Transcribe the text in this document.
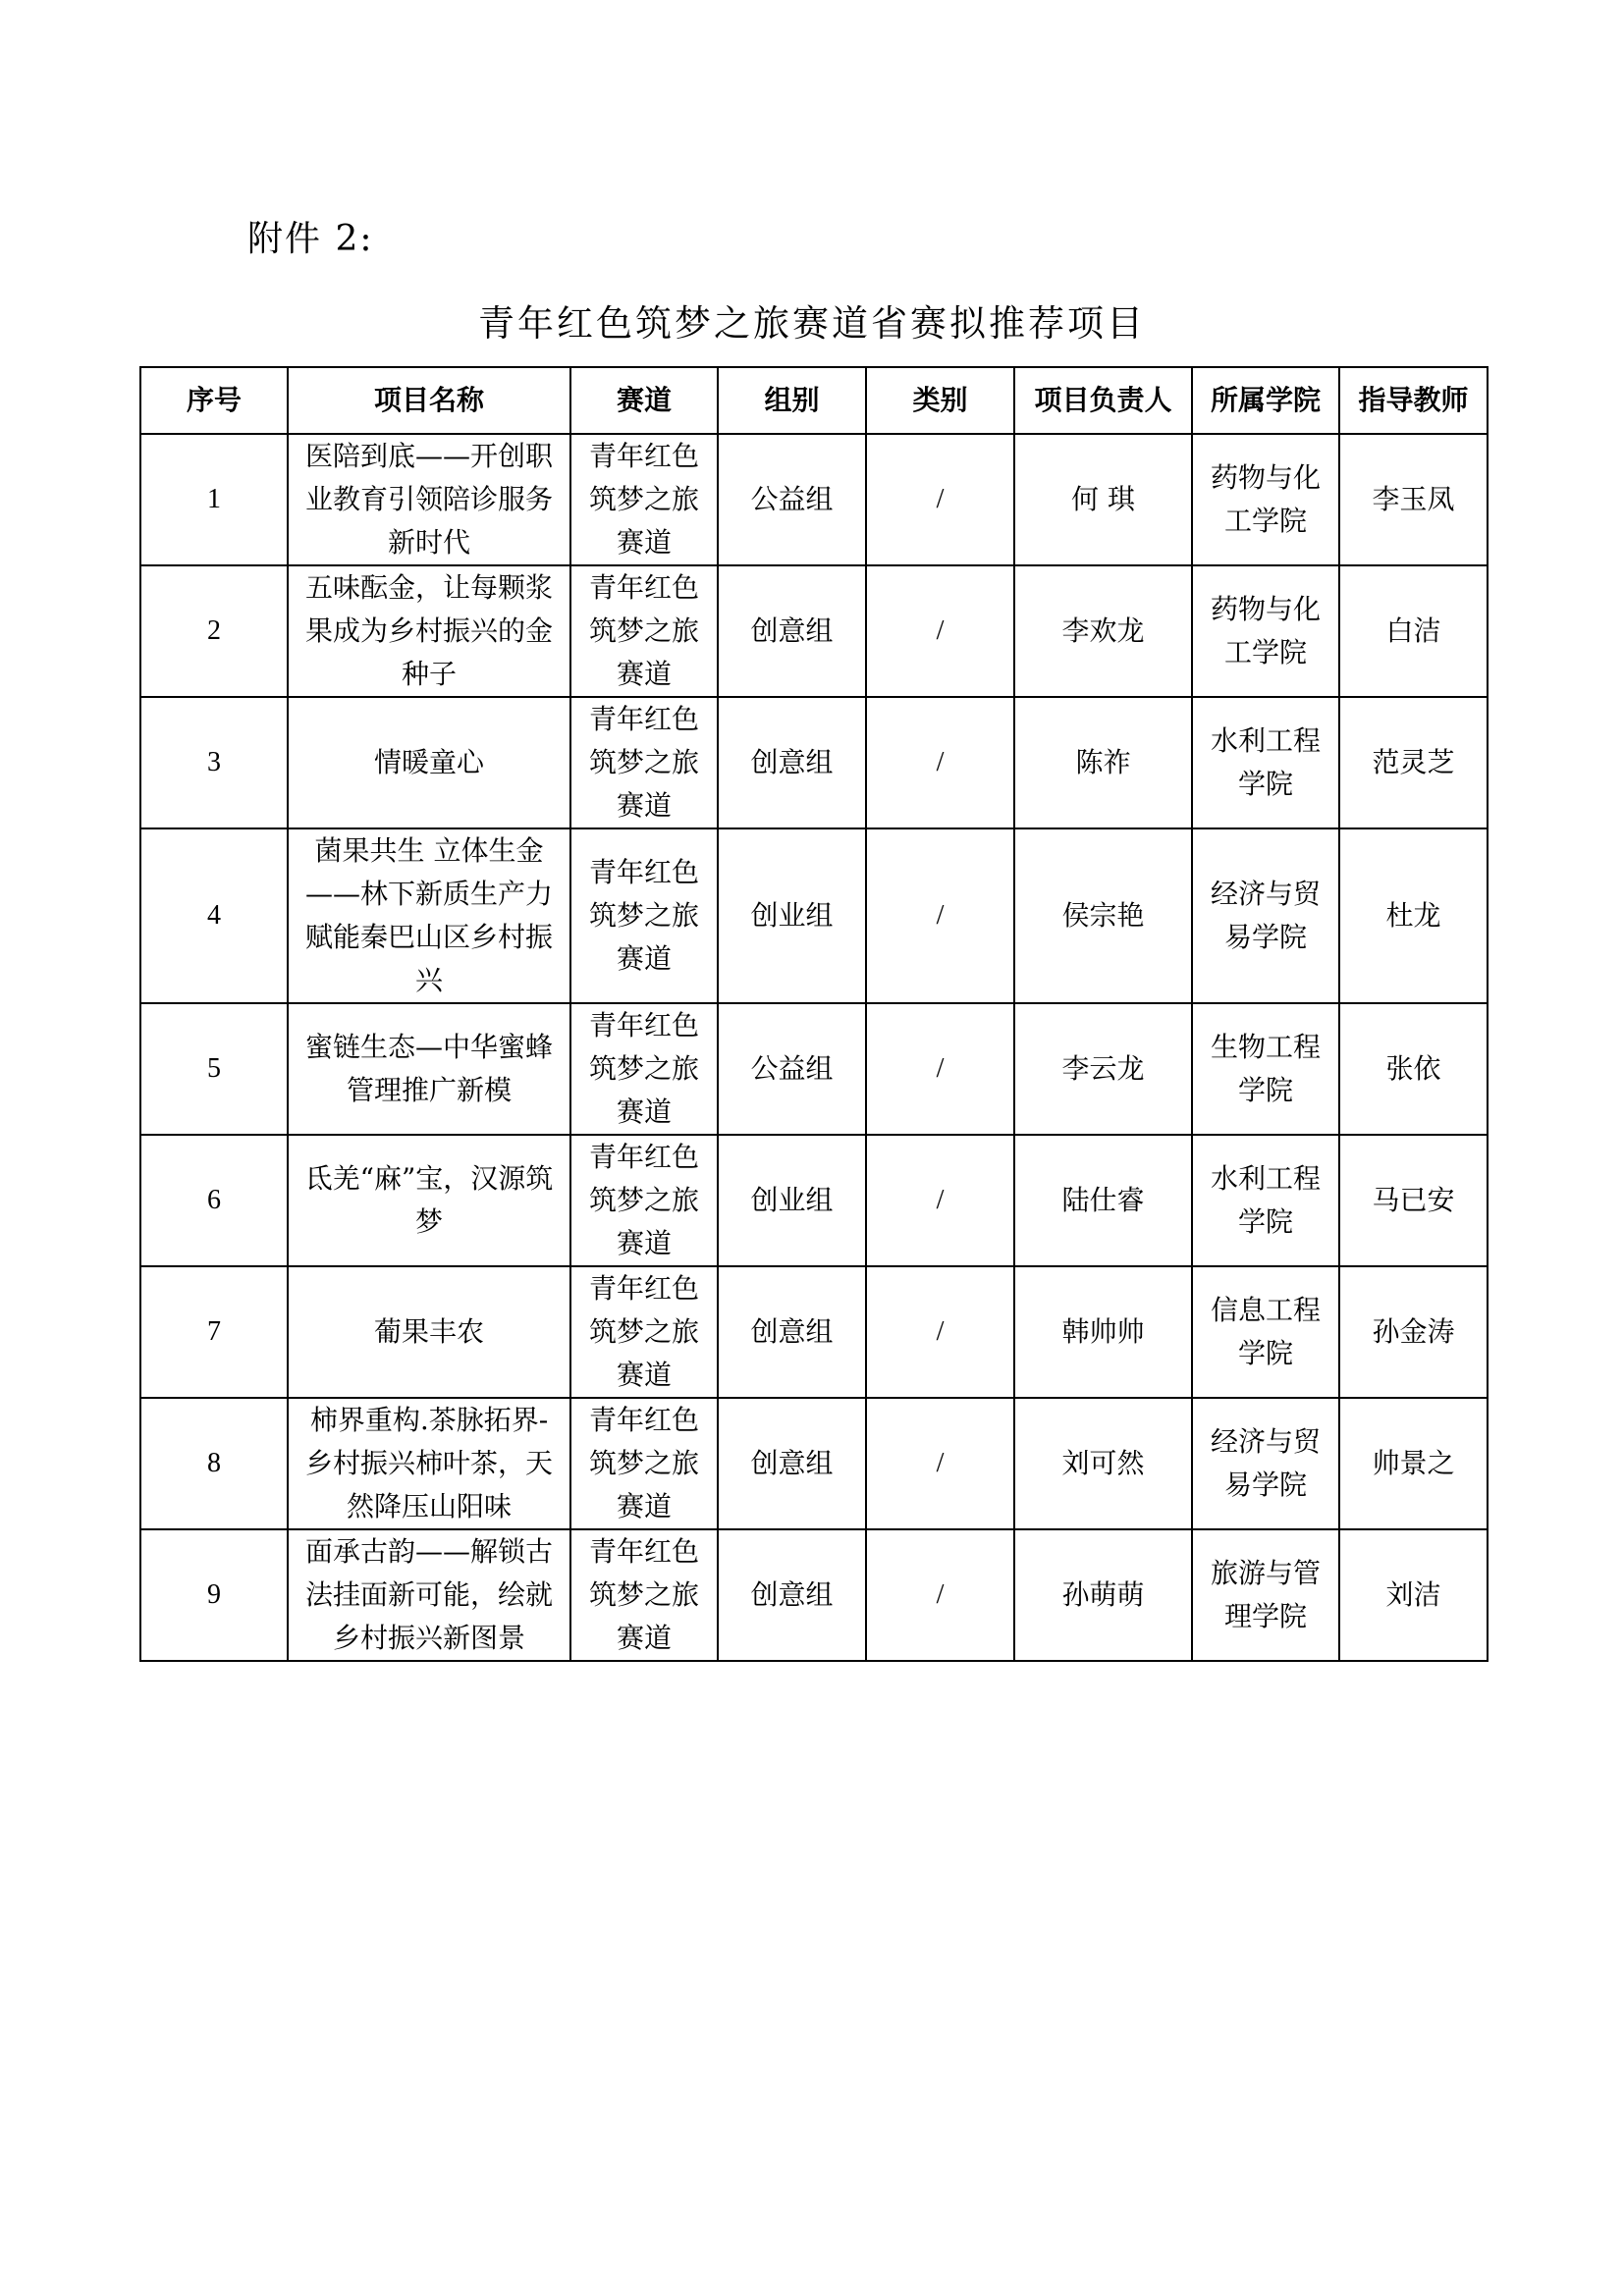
附件 2:
青年红色筑梦之旅赛道省赛拟推荐项目
序号	项目名称	赛道	组别	类别	项目负责人	所属学院	指导教师
1	医陪到底——开创职业教育引领陪诊服务新时代	青年红色筑梦之旅赛道	公益组	/	何 琪	药物与化工学院	李玉凤
2	五味酝金，让每颗浆果成为乡村振兴的金种子	青年红色筑梦之旅赛道	创意组	/	李欢龙	药物与化工学院	白洁
3	情暖童心	青年红色筑梦之旅赛道	创意组	/	陈祚	水利工程学院	范灵芝
4	菌果共生 立体生金——林下新质生产力赋能秦巴山区乡村振兴	青年红色筑梦之旅赛道	创业组	/	侯宗艳	经济与贸易学院	杜龙
5	蜜链生态—中华蜜蜂管理推广新模	青年红色筑梦之旅赛道	公益组	/	李云龙	生物工程学院	张依
6	氐羌“麻”宝，汉源筑梦	青年红色筑梦之旅赛道	创业组	/	陆仕睿	水利工程学院	马已安
7	葡果丰农	青年红色筑梦之旅赛道	创意组	/	韩帅帅	信息工程学院	孙金涛
8	柿界重构.茶脉拓界-乡村振兴柿叶茶，天然降压山阳味	青年红色筑梦之旅赛道	创意组	/	刘可然	经济与贸易学院	帅景之
9	面承古韵——解锁古法挂面新可能，绘就乡村振兴新图景	青年红色筑梦之旅赛道	创意组	/	孙萌萌	旅游与管理学院	刘洁
